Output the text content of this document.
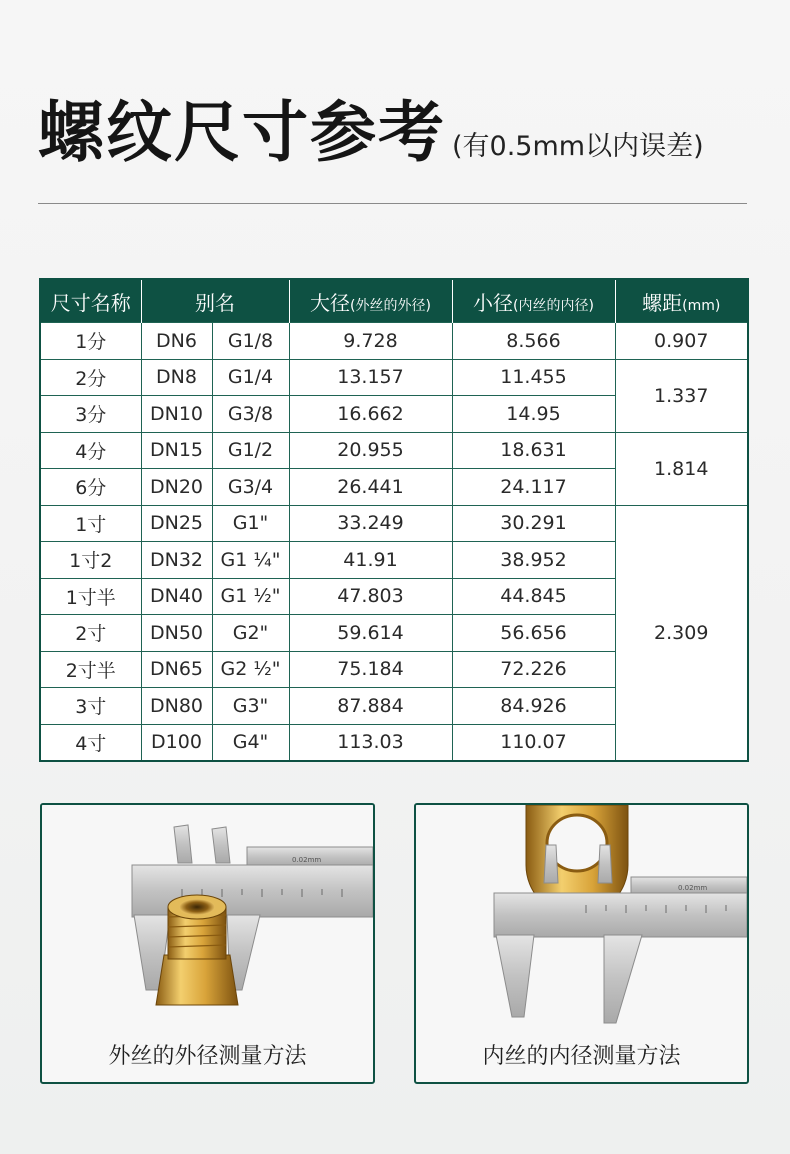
螺纹尺寸参考 (有0.5mm以内误差)
尺寸名称	别名		大径(外丝的外径)	小径(内丝的内径)	螺距(mm)
1分	DN6	G1/8	9.728	8.566	0.907
2分	DN8	G1/4	13.157	11.455	1.337
3分	DN10	G3/8	16.662	14.95	
4分	DN15	G1/2	20.955	18.631	1.814
6分	DN20	G3/4	26.441	24.117	
1寸	DN25	G1"	33.249	30.291	2.309
1寸2	DN32	G1 ¼"	41.91	38.952	
1寸半	DN40	G1 ½"	47.803	44.845	
2寸	DN50	G2"	59.614	56.656	
2寸半	DN65	G2 ½"	75.184	72.226	
3寸	DN80	G3"	87.884	84.926	
4寸	D100	G4"	113.03	110.07	
0.02mm
外丝的外径测量方法
0.02mm
内丝的内径测量方法
